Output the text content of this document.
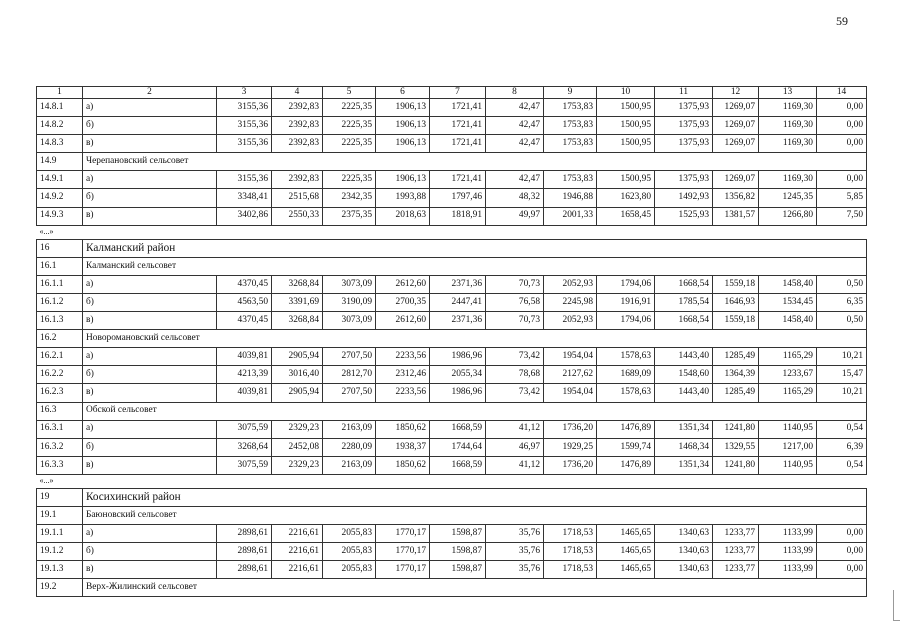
59
1	2	3	4	5	6	7	8	9	10	11	12	13	14
14.8.1	а)	3155,36	2392,83	2225,35	1906,13	1721,41	42,47	1753,83	1500,95	1375,93	1269,07	1169,30	0,00
14.8.2	б)	3155,36	2392,83	2225,35	1906,13	1721,41	42,47	1753,83	1500,95	1375,93	1269,07	1169,30	0,00
14.8.3	в)	3155,36	2392,83	2225,35	1906,13	1721,41	42,47	1753,83	1500,95	1375,93	1269,07	1169,30	0,00
14.9	Черепановский сельсовет												
14.9.1	а)	3155,36	2392,83	2225,35	1906,13	1721,41	42,47	1753,83	1500,95	1375,93	1269,07	1169,30	0,00
14.9.2	б)	3348,41	2515,68	2342,35	1993,88	1797,46	48,32	1946,88	1623,80	1492,93	1356,82	1245,35	5,85
14.9.3	в)	3402,86	2550,33	2375,35	2018,63	1818,91	49,97	2001,33	1658,45	1525,93	1381,57	1266,80	7,50
«...»													
16	Калманский район												
16.1	Калманский сельсовет												
16.1.1	а)	4370,45	3268,84	3073,09	2612,60	2371,36	70,73	2052,93	1794,06	1668,54	1559,18	1458,40	0,50
16.1.2	б)	4563,50	3391,69	3190,09	2700,35	2447,41	76,58	2245,98	1916,91	1785,54	1646,93	1534,45	6,35
16.1.3	в)	4370,45	3268,84	3073,09	2612,60	2371,36	70,73	2052,93	1794,06	1668,54	1559,18	1458,40	0,50
16.2	Новоромановский сельсовет												
16.2.1	а)	4039,81	2905,94	2707,50	2233,56	1986,96	73,42	1954,04	1578,63	1443,40	1285,49	1165,29	10,21
16.2.2	б)	4213,39	3016,40	2812,70	2312,46	2055,34	78,68	2127,62	1689,09	1548,60	1364,39	1233,67	15,47
16.2.3	в)	4039,81	2905,94	2707,50	2233,56	1986,96	73,42	1954,04	1578,63	1443,40	1285,49	1165,29	10,21
16.3	Обской сельсовет												
16.3.1	а)	3075,59	2329,23	2163,09	1850,62	1668,59	41,12	1736,20	1476,89	1351,34	1241,80	1140,95	0,54
16.3.2	б)	3268,64	2452,08	2280,09	1938,37	1744,64	46,97	1929,25	1599,74	1468,34	1329,55	1217,00	6,39
16.3.3	в)	3075,59	2329,23	2163,09	1850,62	1668,59	41,12	1736,20	1476,89	1351,34	1241,80	1140,95	0,54
«...»													
19	Косихинский район												
19.1	Баюновский сельсовет												
19.1.1	а)	2898,61	2216,61	2055,83	1770,17	1598,87	35,76	1718,53	1465,65	1340,63	1233,77	1133,99	0,00
19.1.2	б)	2898,61	2216,61	2055,83	1770,17	1598,87	35,76	1718,53	1465,65	1340,63	1233,77	1133,99	0,00
19.1.3	в)	2898,61	2216,61	2055,83	1770,17	1598,87	35,76	1718,53	1465,65	1340,63	1233,77	1133,99	0,00
19.2	Верх-Жилинский сельсовет												
